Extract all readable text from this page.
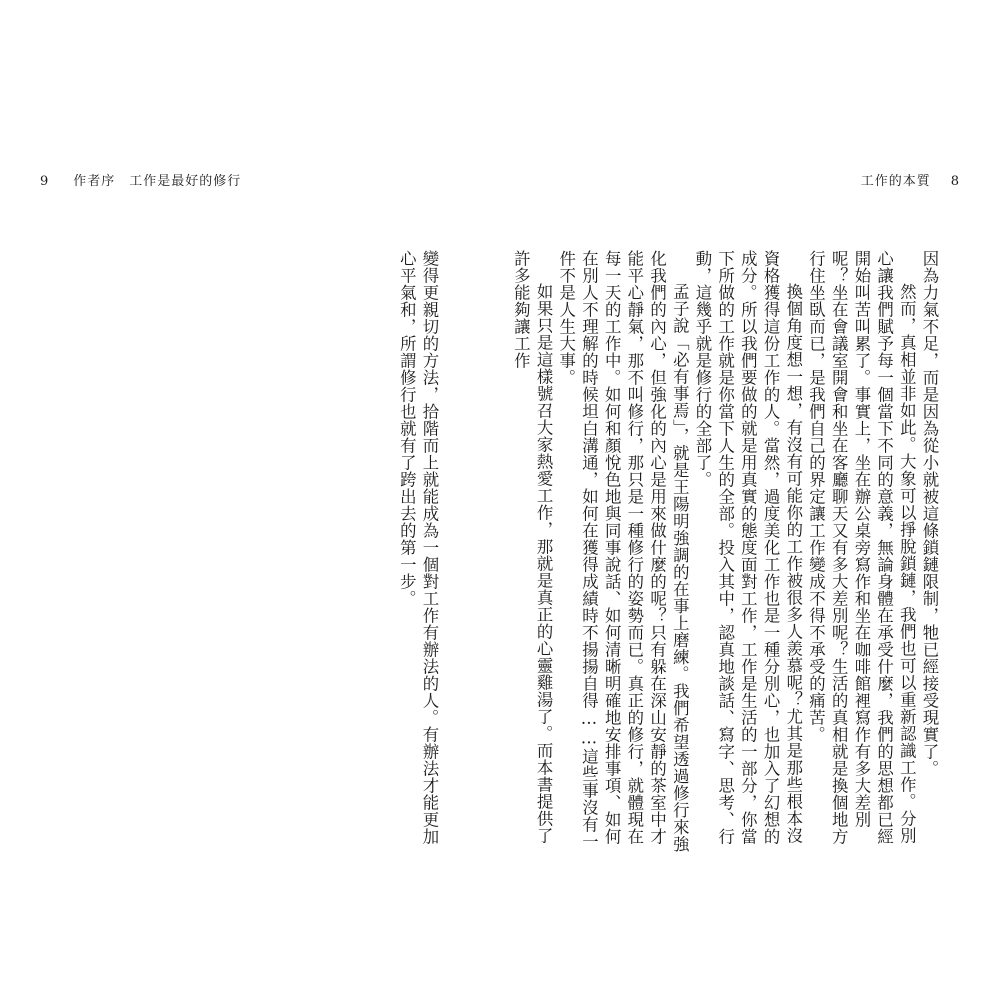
9 作者序 工作是最好的修行	工作的本質 8

因為力氣不足，而是因為從小就被這條鎖鏈限制，牠已經接受現實了。

然而，真相並非如此。大象可以掙脫鎖鏈，我們也可以重新認識工作。分別心讓我們賦予每一個當下不同的意義，無論身體在承受什麼，我們的思想都已經開始叫苦叫累了。事實上，坐在辦公桌旁寫作和坐在咖啡館裡寫作有多大差別呢？坐在會議室開會和坐在客廳聊天又有多大差別呢？生活的真相就是換個地方行住坐臥而已，是我們自己的界定讓工作變成不得不承受的痛苦。

換個角度想一想，有沒有可能你的工作被很多人羨慕呢？尤其是那些根本沒資格獲得這份工作的人。當然，過度美化工作也是一種分別心，也加入了幻想的成分。所以我們要做的就是用真實的態度面對工作，工作是生活的一部分，你當下所做的工作就是你當下人生的全部。投入其中，認真地談話、寫字、思考、行動，這幾乎就是修行的全部了。

孟子說「必有事焉」，就是王陽明強調的在事上磨練。我們希望透過修行來強化我們的內心，但強化的內心是用來做什麼的呢？只有躲在深山安靜的茶室中才能平心靜氣，那不叫修行，那只是一種修行的姿勢而已。真正的修行，就體現在每一天的工作中。如何和顏悅色地與同事說話、如何清晰明確地安排事項、如何在別人不理解的時候坦白溝通，如何在獲得成績時不揚揚自得……這些事沒有一件不是人生大事。

如果只是這樣號召大家熱愛工作，那就是真正的心靈雞湯了。而本書提供了許多能夠讓工作

變得更親切的方法，拾階而上就能成為一個對工作有辦法的人。有辦法才能更加心平氣和，所謂修行也就有了跨出去的第一步。
